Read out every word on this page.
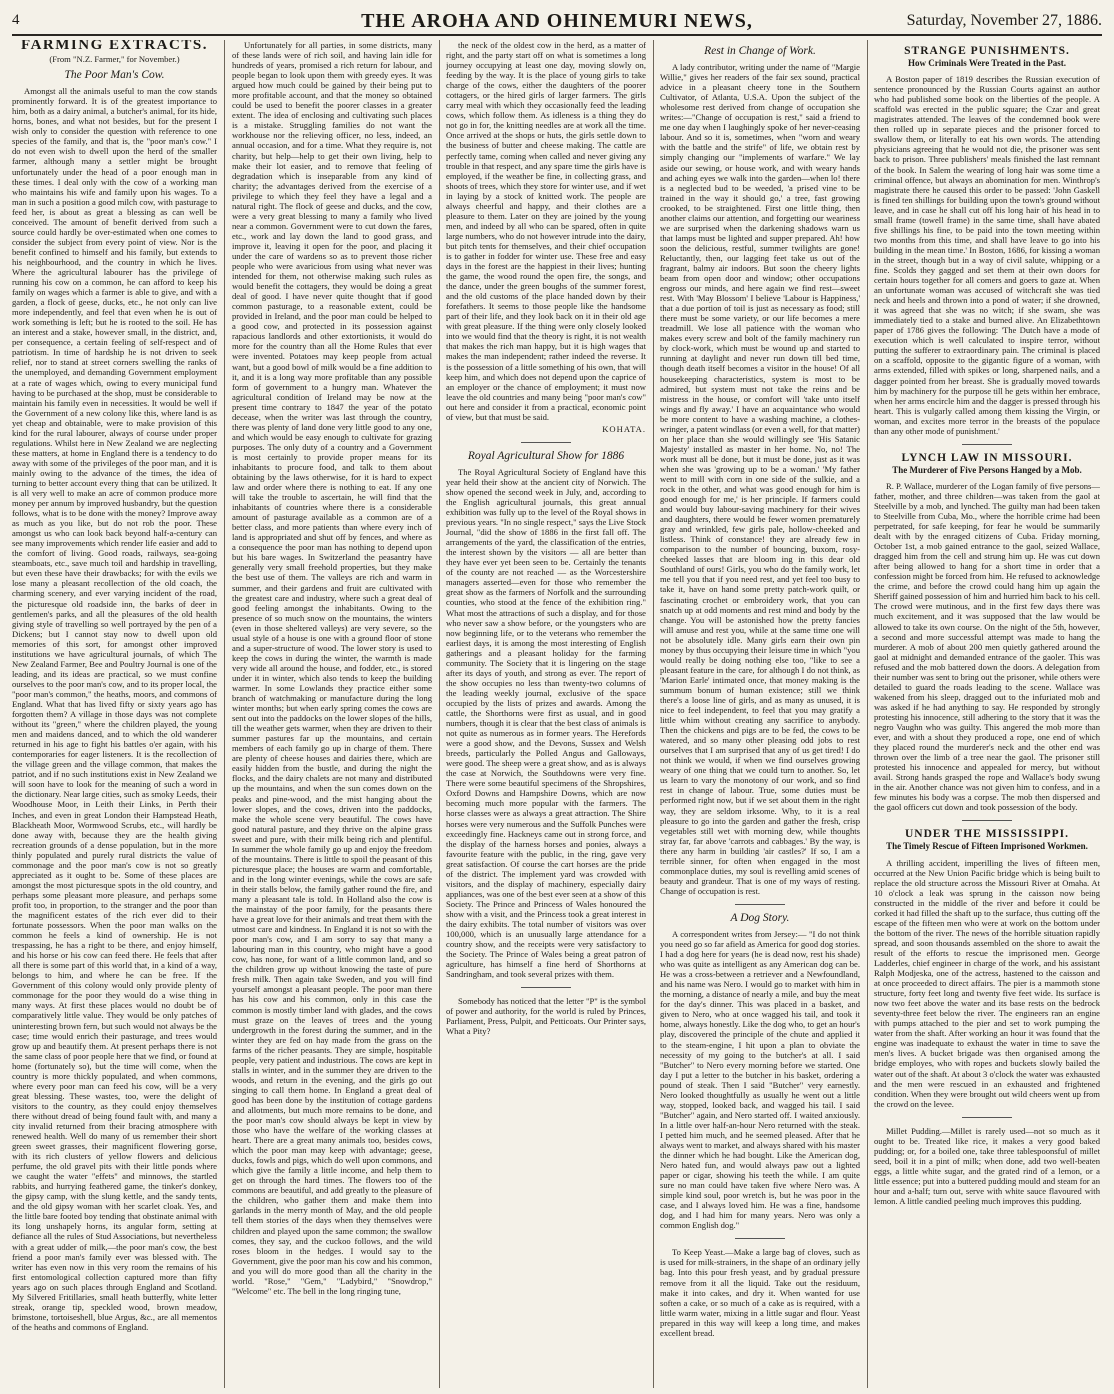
4	THE AROHA AND OHINEMURI NEWS,	Saturday, November 27, 1886.
FARMING EXTRACTS.
(From "N.Z. Farmer," for November.)
The Poor Man's Cow.

Amongst all the animals useful to man the cow stands prominently forward. It is of the greatest importance to him, both as a dairy animal, a butcher's animal, for its hide, horns, bones, and what not besides, but for the present I wish only to consider the question with reference to one species of the family, and that is, the "poor man's cow." I do not even wish to dwell upon the herd of the smaller farmer, although many a settler might be brought unfortunately under the head of a poor enough man in these times. I deal only with the cow of a working man who maintains his wife and family upon his wages. To a man in such a position a good milch cow, with pasturage to feed her, is about as great a blessing as can well be conceived. The amount of benefit derived from such a source could hardly be over-estimated when one comes to consider the subject from every point of view. Nor is the benefit confined to himself and his family, but extends to his neighbourhood, and the country in which he lives. Where the agricultural labourer has the privilege of running his cow on a common, he can afford to keep his family on wages which a farmer is able to give, and with a garden, a flock of geese, ducks, etc., he not only can live more independently, and feel that even when he is out of work something is left; but he is rooted to the soil. He has an interest and a stake, however small, in the district, and, per consequence, a certain feeling of self-respect and of patriotism. In time of hardship he is not driven to seek relief, nor to stand at street corners swelling the ranks of the unemployed, and demanding Government employment at a rate of wages which, owing to every municipal fund having to be purchased at the shop, must be considerable to maintain his family even in necessities. It would be well if the Government of a new colony like this, where land is as yet cheap and obtainable, were to make provision of this kind for the rural labourer, always of course under proper regulations. Whilst here in New Zealand we are neglecting these matters, at home in England there is a tendency to do away with some of the privileges of the poor man, and it is mainly owing to the advance of the times, the idea of turning to better account every thing that can be utilized. It is all very well to make an acre of common produce more money per annum by improved husbandry, but the question follows, what is to be done with the money? Improve away as much as you like, but do not rob the poor. These amongst us who can look back beyond half-a-century can see many improvements which render life easier and add to the comfort of living. Good roads, railways, sea-going steamboats, etc., save much toil and hardship in travelling, but even these have their drawbacks; for with the evils we lose many a pleasant recollection of the old coach, the charming scenery, and ever varying incident of the road, the picturesque old roadside inn, the barks of deer in gentlemen's parks, and all the pleasures of the old health giving style of travelling so well portrayed by the pen of a Dickens; but I cannot stay now to dwell upon old memories of this sort, for amongst other improved institutions we have agricultural journals, of which The New Zealand Farmer, Bee and Poultry Journal is one of the leading, and its ideas are practical, so we must confine ourselves to the poor man's cow, and to its proper local, the "poor man's common," the heaths, moors, and commons of England. What that has lived fifty or sixty years ago has forgotten them? A village in those days was not complete without its "green," where the children played, the young men and maidens danced, and to which the old wanderer returned in his age to fight his battles o'er again, with his contemporaries for eager listeners. It is the recollection of the village green and the village common, that makes the patriot, and if no such institutions exist in New Zealand we will soon have to look for the meaning of such a word in the dictionary. Near large cities, such as smoky Leeds, their Woodhouse Moor, in Leith their Links, in Perth their Inches, and even in great London their Hampstead Heath, Blackheath Moor, Wormwood Scrubs, etc., will hardly be done away with, because they are the health giving recreation grounds of a dense population, but in the more thinly populated and purely rural districts the value of commonage and the poor man's cow is not so greatly appreciated as it ought to be. Some of these places are amongst the most picturesque spots in the old country, and perhaps some pleasant more pleasure, and perhaps some profit too, in proportion, to the stranger and the poor than the magnificent estates of the rich ever did to their fortunate possessors. When the poor man walks on the common he feels a kind of ownership. He is not trespassing, he has a right to be there, and enjoy himself, and his horse or his cow can feed there. He feels that after all there is some part of this world that, in a kind of a way, belongs to him, and where he can be free. If the Government of this colony would only provide plenty of commonage for the poor they would do a wise thing in many ways. At first these places would no doubt be of comparatively little value. They would be only patches of uninteresting brown fern, but such would not always be the case; time would enrich their pasturage, and trees would grow up and beautify them. At present perhaps there is not the same class of poor people here that we find, or found at home (fortunately so), but the time will come, when the country is more thickly populated, and when commons, where every poor man can feed his cow, will be a very great blessing. These wastes, too, were the delight of visitors to the country, as they could enjoy themselves there without dread of being found fault with, and many a city invalid returned from their bracing atmosphere with renewed health. Well do many of us remember their short green sweet grasses, their magnificent flowering gorse, with its rich clusters of yellow flowers and delicious perfume, the old gravel pits with their little ponds where we caught the water "effets" and minnows, the startled rabbits, and hurrying feathered game, the tinker's donkey, the gipsy camp, with the slung kettle, and the sandy tents, and the old gipsy woman with her scarlet cloak. Yes, and the little bare footed boy tending that obstinate animal with its long unshapely horns, its angular form, setting at defiance all the rules of Stud Associations, but nevertheless with a great udder of milk,—the poor man's cow, the best friend a poor man's family ever was blessed with. The writer has even now in this very room the remains of his first entomological collection captured more than fifty years ago on such places through England and Scotland. My Silvered Fritillaries, small heath butterfly, white letter streak, orange tip, speckled wood, brown meadow, brimstone, tortoiseshell, blue Argus, &c., are all mementos of the heaths and commons of England.

Unfortunately for all parties, in some districts, many of these lands were of rich soil, and having lain idle for hundreds of years, promised a rich return for labour, and people began to look upon them with greedy eyes. It was argued how much could be gained by their being put to more profitable account, and that the money so obtained could be used to benefit the poorer classes in a greater extent. The idea of enclosing and cultivating such places is a mistake. Struggling families do not want the workhouse nor the relieving officer, no less, indeed, an annual occasion, and for a time. What they require is, not charity, but help—help to get their own living, help to make their lot easier, and to remove that feeling of degradation which is inseparable from any kind of charity; the advantages derived from the exercise of a privilege to which they feel they have a legal and a natural right. The flock of geese and ducks, and the cow, were a very great blessing to many a family who lived near a common. Government were to cut down the fares, etc., work and lay down the land to good grass, and improve it, leaving it open for the poor, and placing it under the care of wardens so as to prevent those richer people who were avaricious from using what never was intended for them, not otherwise making such rules as would benefit the cottagers, they would be doing a great deal of good. I have never quite thought that if good common pasturage, to a reasonable extent, could be provided in Ireland, and the poor man could be helped to a good cow, and protected in its possession against rapacious landlords and other extortionists, it would do more for the country than all the Home Rules that ever were invented. Potatoes may keep people from actual want, but a good bowl of milk would be a fine addition to it, and it is a long way more profitable than any possible form of government to a hungry man. Whatever the agricultural condition of Ireland may be now at the present time contrary to 1847 the year of the potato decease, when the writer was last through the country, there was plenty of land done very little good to any one, and which would be easy enough to cultivate for grazing purposes. The only duty of a country and a Government is most certainly to provide proper means for its inhabitants to procure food, and talk to them about obtaining by the laws otherwise, for it is hard to expect law and order where there is nothing to eat. If any one will take the trouble to ascertain, he will find that the inhabitants of countries where there is a considerable amount of pasturage available as a common are of a better class, and more patients than where every inch of land is appropriated and shut off by fences, and where as a consequence the poor man has nothing to depend upon but his bare wages. In Switzerland the peasantry have generally very small freehold properties, but they make the best use of them. The valleys are rich and warm in summer, and their gardens and fruit are cultivated with the greatest care and industry, where such a great deal of good feeling amongst the inhabitants. Owing to the presence of so much snow on the mountains, the winters (even in those sheltered valleys) are very severe, so the usual style of a house is one with a ground floor of stone and a super-structure of wood. The lower story is used to keep the cows in during the winter, the warmth is made very wide all around the house, and fodder, etc., is stored under it in winter, which also tends to keep the building warmer. In some Lowlands they practice either some branch of watchmaking or manufacture during the long winter months; but when early spring comes the cows are sent out into the paddocks on the lower slopes of the hills, till the weather gets warmer, when they are driven to their summer pastures far up the mountains, and certain members of each family go up in charge of them. There are plenty of cheese houses and dairies there, which are easily hidden from the bustle, and during the night the flocks, and the dairy chalets are not many and distributed up the mountains, and when the sun comes down on the peaks and pine-wood, and the mist hanging about the lower slopes, and the cows, driven into the paddocks, make the whole scene very beautiful. The cows have good natural pasture, and they thrive on the alpine grass sweet and pure, with their milk being rich and plentiful. In summer the whole family go up and enjoy the freedom of the mountains. There is little to spoil the peasant of this picturesque place; the houses are warm and comfortable, and in the long winter evenings, while the cows are safe in their stalls below, the family gather round the fire, and many a pleasant tale is told. In Holland also the cow is the mainstay of the poor family, for the peasants there have a great love for their animals and treat them with the utmost care and kindness. In England it is not so with the poor man's cow, and I am sorry to say that many a labouring man in this country, who might have a good cow, has none, for want of a little common land, and so the children grow up without knowing the taste of pure fresh milk. Then again take Sweden, and you will find yourself amongst a pleasant people. The poor man there has his cow and his common, only in this case the common is mostly timber land with glades, and the cows must graze on the leaves of trees and the young undergrowth in the forest during the summer, and in the winter they are fed on hay made from the grass on the farms of the richer peasants. They are simple, hospitable people, very patient and industrious. The cows are kept in stalls in winter, and in the summer they are driven to the woods, and return in the evening, and the girls go out singing to call them home. In England a great deal of good has been done by the institution of cottage gardens and allotments, but much more remains to be done, and the poor man's cow should always be kept in view by those who have the welfare of the working classes at heart. There are a great many animals too, besides cows, which the poor man may keep with advantage; geese, ducks, fowls and pigs, which do well upon commons, and which give the family a little income, and help them to get on through the hard times. The flowers too of the commons are beautiful, and add greatly to the pleasure of the children, who gather them and make them into garlands in the merry month of May, and the old people tell them stories of the days when they themselves were children and played upon the same common; the swallow comes, they say, and the cuckoo follows, and the wild roses bloom in the hedges. I would say to the Government, give the poor man his cow and his common, and you will do more good than all the charity in the world. "Rose," "Gem," "Ladybird," "Snowdrop," "Welcome" etc. The bell in the long ringing tune,

the neck of the oldest cow in the herd, as a matter of right, and the party start off on what is sometimes a long journey occupying at least one day, moving slowly on, feeding by the way. It is the place of young girls to take charge of the cows, either the daughters of the poorer cottagers, or the hired girls of larger farmers. The girls carry meal with which they occasionally feed the leading cows, which follow them. As idleness is a thing they do not go in for, the knitting needles are at work all the time. Once arrived at the shops or huts, the girls settle down to the business of butter and cheese making. The cattle are perfectly tame, coming when called and never giving any trouble in that respect, and any spare time the girls have is employed, if the weather be fine, in collecting grass, and shoots of trees, which they store for winter use, and if wet in laying by a stock of knitted work. The people are always cheerful and happy, and their clothes are a pleasure to them. Later on they are joined by the young men, and indeed by all who can be spared, often in quite large numbers, who do not however intrude into the dairy, but pitch tents for themselves, and their chief occupation is to gather in fodder for winter use. These free and easy days in the forest are the happiest in their lives; hunting the game, the wood round the open fire, the songs, and the dance, under the green boughs of the summer forest, and the old customs of the place handed down by their forefathers. It seems to those people like the handsome part of their life, and they look back on it in their old age with great pleasure. If the thing were only closely looked into we would find that the theory is right, it is not wealth that makes the rich man happy, but it is high wages that makes the man independent; rather indeed the reverse. It is the possession of a little something of his own, that will keep him, and which does not depend upon the caprice of an employer or the chance of employment; it must now leave the old countries and many being "poor man's cow" out here and consider it from a practical, economic point of view, but that must be said.

KOHATA.
Royal Agricultural Show for 1886

The Royal Agricultural Society of England have this year held their show at the ancient city of Norwich. The show opened the second week in July, and, according to the English agricultural journals, this great annual exhibition was fully up to the level of the Royal shows in previous years. "In no single respect," says the Live Stock Journal, "did the show of 1886 in the first fall off. The arrangements of the yard, the classification of the entries, the interest shown by the visitors — all are better than they have ever yet been seen to be. Certainly the tenants of the county are not reached — as the Worcestershire managers asserted—even for those who remember the great show as the farmers of Norfolk and the surrounding counties, who stood at the fence of the exhibition ring." What most the attractions of such a display, and for those who never saw a show before, or the youngsters who are now beginning life, or to the veterans who remember the earliest days, it is among the most interesting of English gatherings and a pleasant holiday for the farming community. The Society that it is lingering on the stage after its days of youth, and strong as ever. The report of the show occupies no less than twenty-two columns of the leading weekly journal, exclusive of the space occupied by the lists of prizes and awards. Among the cattle, the Shorthorns were first as usual, and in good numbers, though it is clear that the best class of animals is not quite as numerous as in former years. The Herefords were a good show, and the Devons, Sussex and Welsh breeds, particularly the Polled Angus and Galloways, were good. The sheep were a great show, and as is always the case at Norwich, the Southdowns were very fine. There were some beautiful specimens of the Shropshires, Oxford Downs and Hampshire Downs, which are now becoming much more popular with the farmers. The horse classes were as always a great attraction. The Shire horses were very numerous and the Suffolk Punches were exceedingly fine. Hackneys came out in strong force, and the display of the harness horses and ponies, always a favourite feature with the public, in the ring, gave very great satisfaction. Of course the cart horses are the pride of the district. The implement yard was crowded with visitors, and the display of machinery, especially dairy appliances, was one of the best ever seen at a show of this Society. The Prince and Princess of Wales honoured the show with a visit, and the Princess took a great interest in the dairy exhibits. The total number of visitors was over 100,000, which is an unusually large attendance for a country show, and the receipts were very satisfactory to the Society. The Prince of Wales being a great patron of agriculture, has himself a fine herd of Shorthorns at Sandringham, and took several prizes with them.

Somebody has noticed that the letter "P" is the symbol of power and authority, for the world is ruled by Princes, Parliament, Press, Pulpit, and Petticoats. Our Printer says, What a Pity?

Rest in Change of Work.

A lady contributor, writing under the name of "Margie Willie," gives her readers of the fair sex sound, practical advice in a pleasant cheery tone in the Southern Cultivator, of Atlanta, U.S.A. Upon the subject of the wholesome rest derived from change of occupation she writes:—"Change of occupation is rest," said a friend to me one day when I laughingly spoke of her never-ceasing labour. And so it is, sometimes, when "worn and weary with the battle and the strife" of life, we obtain rest by simply changing our "implements of warfare." We lay aside our sewing, or house work, and with weary hands and aching eyes we walk into the garden—when lo! there is a neglected bud to be weeded, 'a prised vine to be trained in the way it should go,' a tree, fast growing crooked, to be straightened. First one little thing, then another claims our attention, and forgetting our weariness we are surprised when the darkening shadows warn us that lamps must be lighted and supper prepared. Ah! how soon the delicious, restful, summer twilights are gone! Reluctantly, then, our lagging feet take us out of the fragrant, balmy air indoors. But soon the cheery lights beam from open door and window; other occupations engross our minds, and here again we find rest—sweet rest. With 'May Blossom' I believe 'Labour is Happiness,' that a due portion of toil is just as necessary as food; still there must be some variety, or our life becomes a mere treadmill. We lose all patience with the woman who makes every screw and bolt of the family machinery run by clock-work, which must be wound up and started to running at daylight and never run down till bed time, though death itself becomes a visitor in the house! Of all housekeeping characteristics, system is most to be admired, but system must not take the reins and be mistress in the house, or comfort will 'take unto itself wings and fly away.' I have an acquaintance who would be more content to have a washing machine, a clothes-wringer, a patent windlass (or even a well, for that matter) on her place than she would willingly see 'His Satanic Majesty' installed as master in her home. No, no! The work must all be done, but it must be done, just as it was when she was 'growing up to be a woman.' 'My father went to mill with corn in one side of the sulkie, and a rock in the other, and what was good enough for him is good enough for me,' is her principle. If farmers could and would buy labour-saving machinery for their wives and daughters, there would be fewer women prematurely gray and wrinkled, few girls pale, hollow-cheeked and listless. Think of constance! they are already few in comparison to the number of bouncing, buxom, rosy-cheeked lasses that are bloom ing in this dear old Southland of ours! Girls, you who do the family work, let me tell you that if you need rest, and yet feel too busy to take it, have on hand some pretty patch-work quilt, or fascinating crochet or embroidery work, that you can snatch up at odd moments and rest mind and body by the change. You will be astonished how the pretty fancies will amuse and rest you, while at the same time one will not be absolutely idle. Many girls earn their own pin money by thus occupying their leisure time in which "you would really be doing nothing else too, "like to see a pleasant feature in the care, for although I do not think, as 'Marion Earle' intimated once, that money making is the summum bonum of human existence; still we think there's a loose line of girls, and as many as unused, it is nice to feel independent, to feel that you may gratify a little whim without creating any sacrifice to anybody. Then the chickens and pigs are to be fed, the cows to be watered, and so many other pleasing odd jobs to rest ourselves that I am surprised that any of us get tired! I do not think we would, if when we find ourselves growing weary of one thing that we could turn to another. So, let us learn to vary the monotony of our work, and so find rest in change of labour. True, some duties must be performed right now, but if we set about them in the right way, they are seldom irksome. Why, to it is a real pleasure to go into the garden and gather the fresh, crisp vegetables still wet with morning dew, while thoughts stray far, far above 'carrots and cabbages.' By the way, is there any harm in building 'air castles?' If so, I am a terrible sinner, for often when engaged in the most commonplace duties, my soul is revelling amid scenes of beauty and grandeur. That is one of my ways of resting. Change of occupation is rest.

A Dog Story.

A correspondent writes from Jersey:— "I do not think you need go so far afield as America for good dog stories. I had a dog here for years (he is dead now, rest his shade) who was quite as intelligent as any American dog can be. He was a cross-between a retriever and a Newfoundland, and his name was Nero. I would go to market with him in the morning, a distance of nearly a mile, and buy the meat for the day's dinner. This was placed in a basket, and given to Nero, who at once wagged his tail, and took it home, always honestly. Like the dog who, to get an hour's play, discovered the principle of the chute and applied it to the steam-engine, I hit upon a plan to obviate the necessity of my going to the butcher's at all. I said "Butcher" to Nero every morning before we started. One day I put a letter to the butcher in his basket, ordering a pound of steak. Then I said "Butcher" very earnestly. Nero looked thoughtfully as usually he went out a little way, stopped, looked back, and wagged his tail. I said "Butcher" again, and Nero started off. I waited anxiously. In a little over half-an-hour Nero returned with the steak. I petted him much, and he seemed pleased. After that he always went to market, and always shared with his master the dinner which he had bought. Like the American dog, Nero hated fun, and would always paw out a lighted paper or cigar, showing his teeth the while. I am quite sure no man could have taken five where Nero was. A simple kind soul, poor wretch is, but he was poor in the case, and I always loved him. He was a fine, handsome dog, and I had him for many years. Nero was only a common English dog."

To Keep Yeast.—Make a large bag of cloves, such as is used for milk-strainers, in the shape of an ordinary jelly bag. Into this pour fresh yeast, and by gradual pressure remove from it all the liquid. Take out the residuum, make it into cakes, and dry it. When wanted for use soften a cake, or so much of a cake as is required, with a little warm water, mixing in a little sugar and flour. Yeast prepared in this way will keep a long time, and makes excellent bread.

STRANGE PUNISHMENTS.
How Criminals Were Treated in the Past.

A Boston paper of 1819 describes the Russian execution of sentence pronounced by the Russian Courts against an author who had published some book on the liberties of the people. A scaffold was erected in the public square; the Czar and great magistrates attended. The leaves of the condemned book were then rolled up in separate pieces and the prisoner forced to swallow them, or literally to eat his own words. The attending physicians agreeing that he would not die, the prisoner was sent back to prison. Three publishers' meals finished the last remnant of the book. In Salem the wearing of long hair was some time a criminal offence, but always an abomination for men. Winthrop's magistrate there he caused this order to be passed: 'John Gaskell is fined ten shillings for building upon the town's ground without leave, and in case he shall cut off his long hair of his head in to small frame (towell frame) in the same time, shall have abated five shillings his fine, to be paid into the town meeting within two months from this time, and shall have leave to go into his building in the mean time.' In Boston, 1686, for kissing a woman in the street, though but in a way of civil salute, whipping or a fine. Scolds they gagged and set them at their own doors for certain hours together for all comers and goers to gaze at. When an unfortunate woman was accused of witchcraft she was tied neck and heels and thrown into a pond of water; if she drowned, it was agreed that she was no witch; if she swam, she was immediately tied to a stake and burned alive. An Elizabethtown paper of 1786 gives the following: 'The Dutch have a mode of execution which is well calculated to inspire terror, without putting the sufferer to extraordinary pain. The criminal is placed on a scaffold, opposite to the gigantic figure of a woman, with arms extended, filled with spikes or long, sharpened nails, and a dagger pointed from her breast. She is gradually moved towards him by machinery for the purpose till he gets within her embrace, when her arms encircle him and the dagger is pressed through his heart. This is vulgarly called among them kissing the Virgin, or woman, and excites more terror in the breasts of the populace than any other mode of punishment.'

LYNCH LAW IN MISSOURI.
The Murderer of Five Persons Hanged by a Mob.

R. P. Wallace, murderer of the Logan family of five persons—father, mother, and three children—was taken from the gaol at Steelville by a mob, and lynched. The guilty man had been taken to Steelville from Cuba, Mo., where the horrible crime had been perpetrated, for safe keeping, for fear he would be summarily dealt with by the enraged citizens of Cuba. Friday morning, October 1st, a mob gained entrance to the gaol, seized Wallace, dragged him from the cell and strung him up. He was cut down after being allowed to hang for a short time in order that a confession might be forced from him. He refused to acknowledge the crime, and before the crowd could hang him up again the Sheriff gained possession of him and hurried him back to his cell. The crowd were mutinous, and in the first few days there was much excitement, and it was supposed that the law would be allowed to take its own course. On the night of the 5th, however, a second and more successful attempt was made to hang the murderer. A mob of about 200 men quietly gathered around the gaol at midnight and demanded entrance of the gaoler. This was refused and the mob battered down the doors. A delegation from their number was sent to bring out the prisoner, while others were detailed to guard the roads leading to the scene. Wallace was wakened from his sleep, dragged out to the infuriated mob and was asked if he had anything to say. He responded by strongly protesting his innocence, still adhering to the story that it was the negro Vaughn who was guilty. This angered the mob more than ever, and with a shout they produced a rope, one end of which they placed round the murderer's neck and the other end was thrown over the limb of a tree near the gaol. The prisoner still protested his innocence and appealed for mercy, but without avail. Strong hands grasped the rope and Wallace's body swung in the air. Another chance was not given him to confess, and in a few minutes his body was a corpse. The mob then dispersed and the gaol officers cut down and took possession of the body.

UNDER THE MISSISSIPPI.
The Timely Rescue of Fifteen Imprisoned Workmen.

A thrilling accident, imperilling the lives of fifteen men, occurred at the New Union Pacific bridge which is being built to replace the old structure across the Missouri River at Omaha. At 10 o'clock a leak was sprung in the caisson now being constructed in the middle of the river and before it could be corked it had filled the shaft up to the surface, thus cutting off the escape of the fifteen men who were at work on the bottom under the bottom of the river. The news of the horrible situation rapidly spread, and soon thousands assembled on the shore to await the result of the efforts to rescue the imprisoned men. George Ladderles, chief engineer in charge of the work, and his assistant Ralph Modjeska, one of the actress, hastened to the caisson and at once proceeded to direct affairs. The pier is a mammoth stone structure, forty feet long and twenty five feet wide. Its surface is now two feet above the water and its base rests on the bedrock seventy-three feet below the river. The engineers ran an engine with pumps attached to the pier and set to work pumping the water from the shaft. After working an hour it was found that the engine was inadequate to exhaust the water in time to save the men's lives. A bucket brigade was then organised among the bridge employes, who with ropes and buckets slowly bailed the water out of the shaft. At about 3 o'clock the water was exhausted and the men were rescued in an exhausted and frightened condition. When they were brought out wild cheers went up from the crowd on the levee.

Millet Pudding.—Millet is rarely used—not so much as it ought to be. Treated like rice, it makes a very good baked pudding; or, for a boiled one, take three tablespoonsful of millet seed, boil it in a pint of milk; when done, add two well-beaten eggs, a little white sugar, and the grated rind of a lemon, or a little essence; put into a buttered pudding mould and steam for an hour and a-half; turn out, serve with white sauce flavoured with lemon. A little candied peeling much improves this pudding.
